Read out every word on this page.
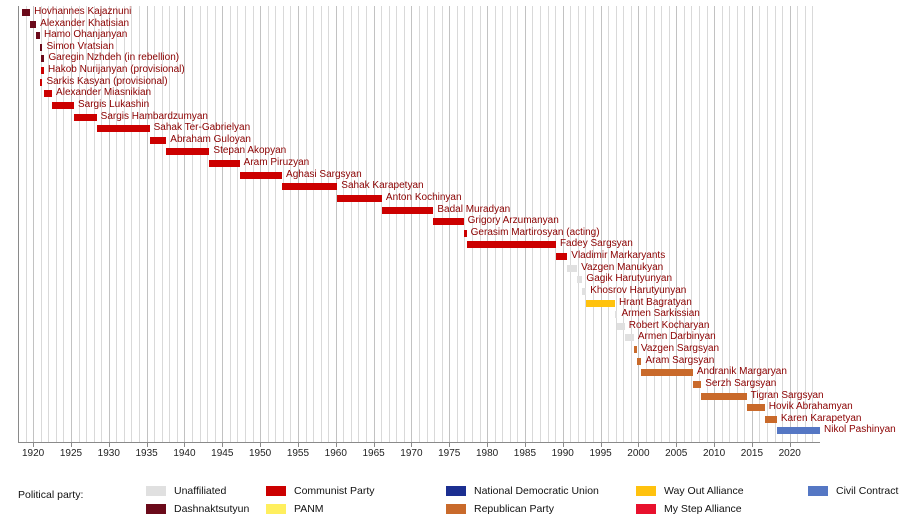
Hovhannes Kajaznuni
Alexander Khatisian
Hamo Ohanjanyan
Simon Vratsian
Garegin Nzhdeh (in rebellion)
Hakob Nurijanyan (provisional)
Sarkis Kasyan (provisional)
Alexander Miasnikian
Sargis Lukashin
Sargis Hambardzumyan
Sahak Ter-Gabrielyan
Abraham Guloyan
Stepan Akopyan
Aram Piruzyan
Aghasi Sargsyan
Sahak Karapetyan
Anton Kochinyan
Badal Muradyan
Grigory Arzumanyan
Gerasim Martirosyan (acting)
Fadey Sargsyan
Vladimir Markaryants
Vazgen Manukyan
Gagik Harutyunyan
Khosrov Harutyunyan
Hrant Bagratyan
Armen Sarkissian
Robert Kocharyan
Armen Darbinyan
Vazgen Sargsyan
Aram Sargsyan
Andranik Margaryan
Serzh Sargsyan
Tigran Sargsyan
Hovik Abrahamyan
Karen Karapetyan
Nikol Pashinyan
1920 1925 1930 1935 1940 1945 1950 1955 1960 1965 1970 1975 1980 1985 1990 1995 2000 2005 2010 2015 2020
Political party:	Unaffiliated
Dashnaktsutyun
Communist Party
PANM
National Democratic Union
Republican Party
Way Out Alliance
My Step Alliance
Civil Contract
